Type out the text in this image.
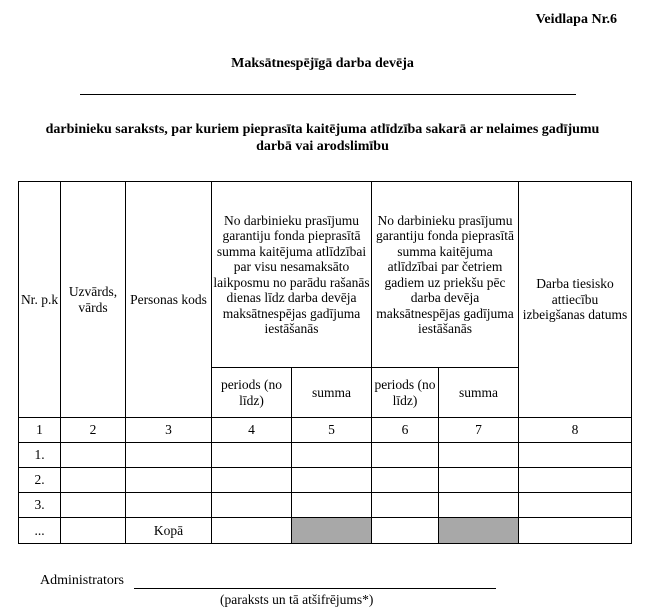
Veidlapa Nr.6
Maksātnespējīgā darba devēja
darbinieku saraksts, par kuriem pieprasīta kaitējuma atlīdzība sakarā ar nelaimes gadījumu darbā vai arodslimību
Nr. p.k	Uzvārds, vārds	Personas kods	No darbinieku prasījumu garantiju fonda pieprasītā summa kaitējuma atlīdzībai par visu nesamaksāto laikposmu no parādu rašanās dienas līdz darba devēja maksātnespējas gadījuma iestāšanās		No darbinieku prasījumu garantiju fonda pieprasītā summa kaitējuma atlīdzībai par četriem gadiem uz priekšu pēc darba devēja maksātnespējas gadījuma iestāšanās		Darba tiesisko attiecību izbeigšanas datums
			periods (no līdz)	summa	periods (no līdz)	summa	
1	2	3	4	5	6	7	8
1.							
2.							
3.							
...		Kopā					
Administrators
(paraksts un tā atšifrējums*)
